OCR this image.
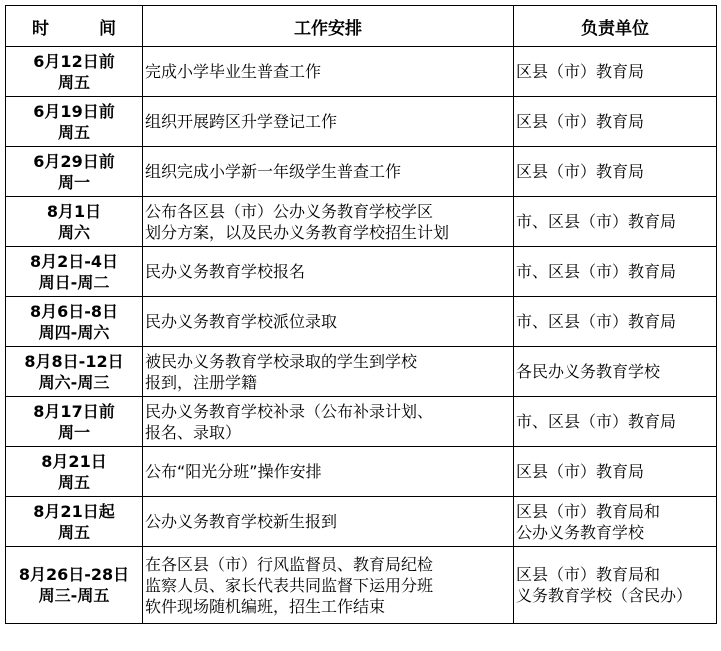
时 间	工作安排	负责单位

6月12日前
周五	完成小学毕业生普查工作	区县（市）教育局

6月19日前
周五	组织开展跨区升学登记工作	区县（市）教育局

6月29日前
周一	组织完成小学新一年级学生普查工作	区县（市）教育局

8月1日
周六	公布各区县（市）公办义务教育学校学区
划分方案，以及民办义务教育学校招生计划	市、区县（市）教育局

8月2日-4日
周日-周二	民办义务教育学校报名	市、区县（市）教育局

8月6日-8日
周四-周六	民办义务教育学校派位录取	市、区县（市）教育局

8月8日-12日
周六-周三	被民办义务教育学校录取的学生到学校
报到，注册学籍	各民办义务教育学校

8月17日前
周一	民办义务教育学校补录（公布补录计划、
报名、录取）	市、区县（市）教育局

8月21日
周五	公布“阳光分班”操作安排	区县（市）教育局

8月21日起
周五	公办义务教育学校新生报到	区县（市）教育局和
公办义务教育学校

8月26日-28日
周三-周五	在各区县（市）行风监督员、教育局纪检
监察人员、家长代表共同监督下运用分班
软件现场随机编班，招生工作结束	区县（市）教育局和
义务教育学校（含民办）
